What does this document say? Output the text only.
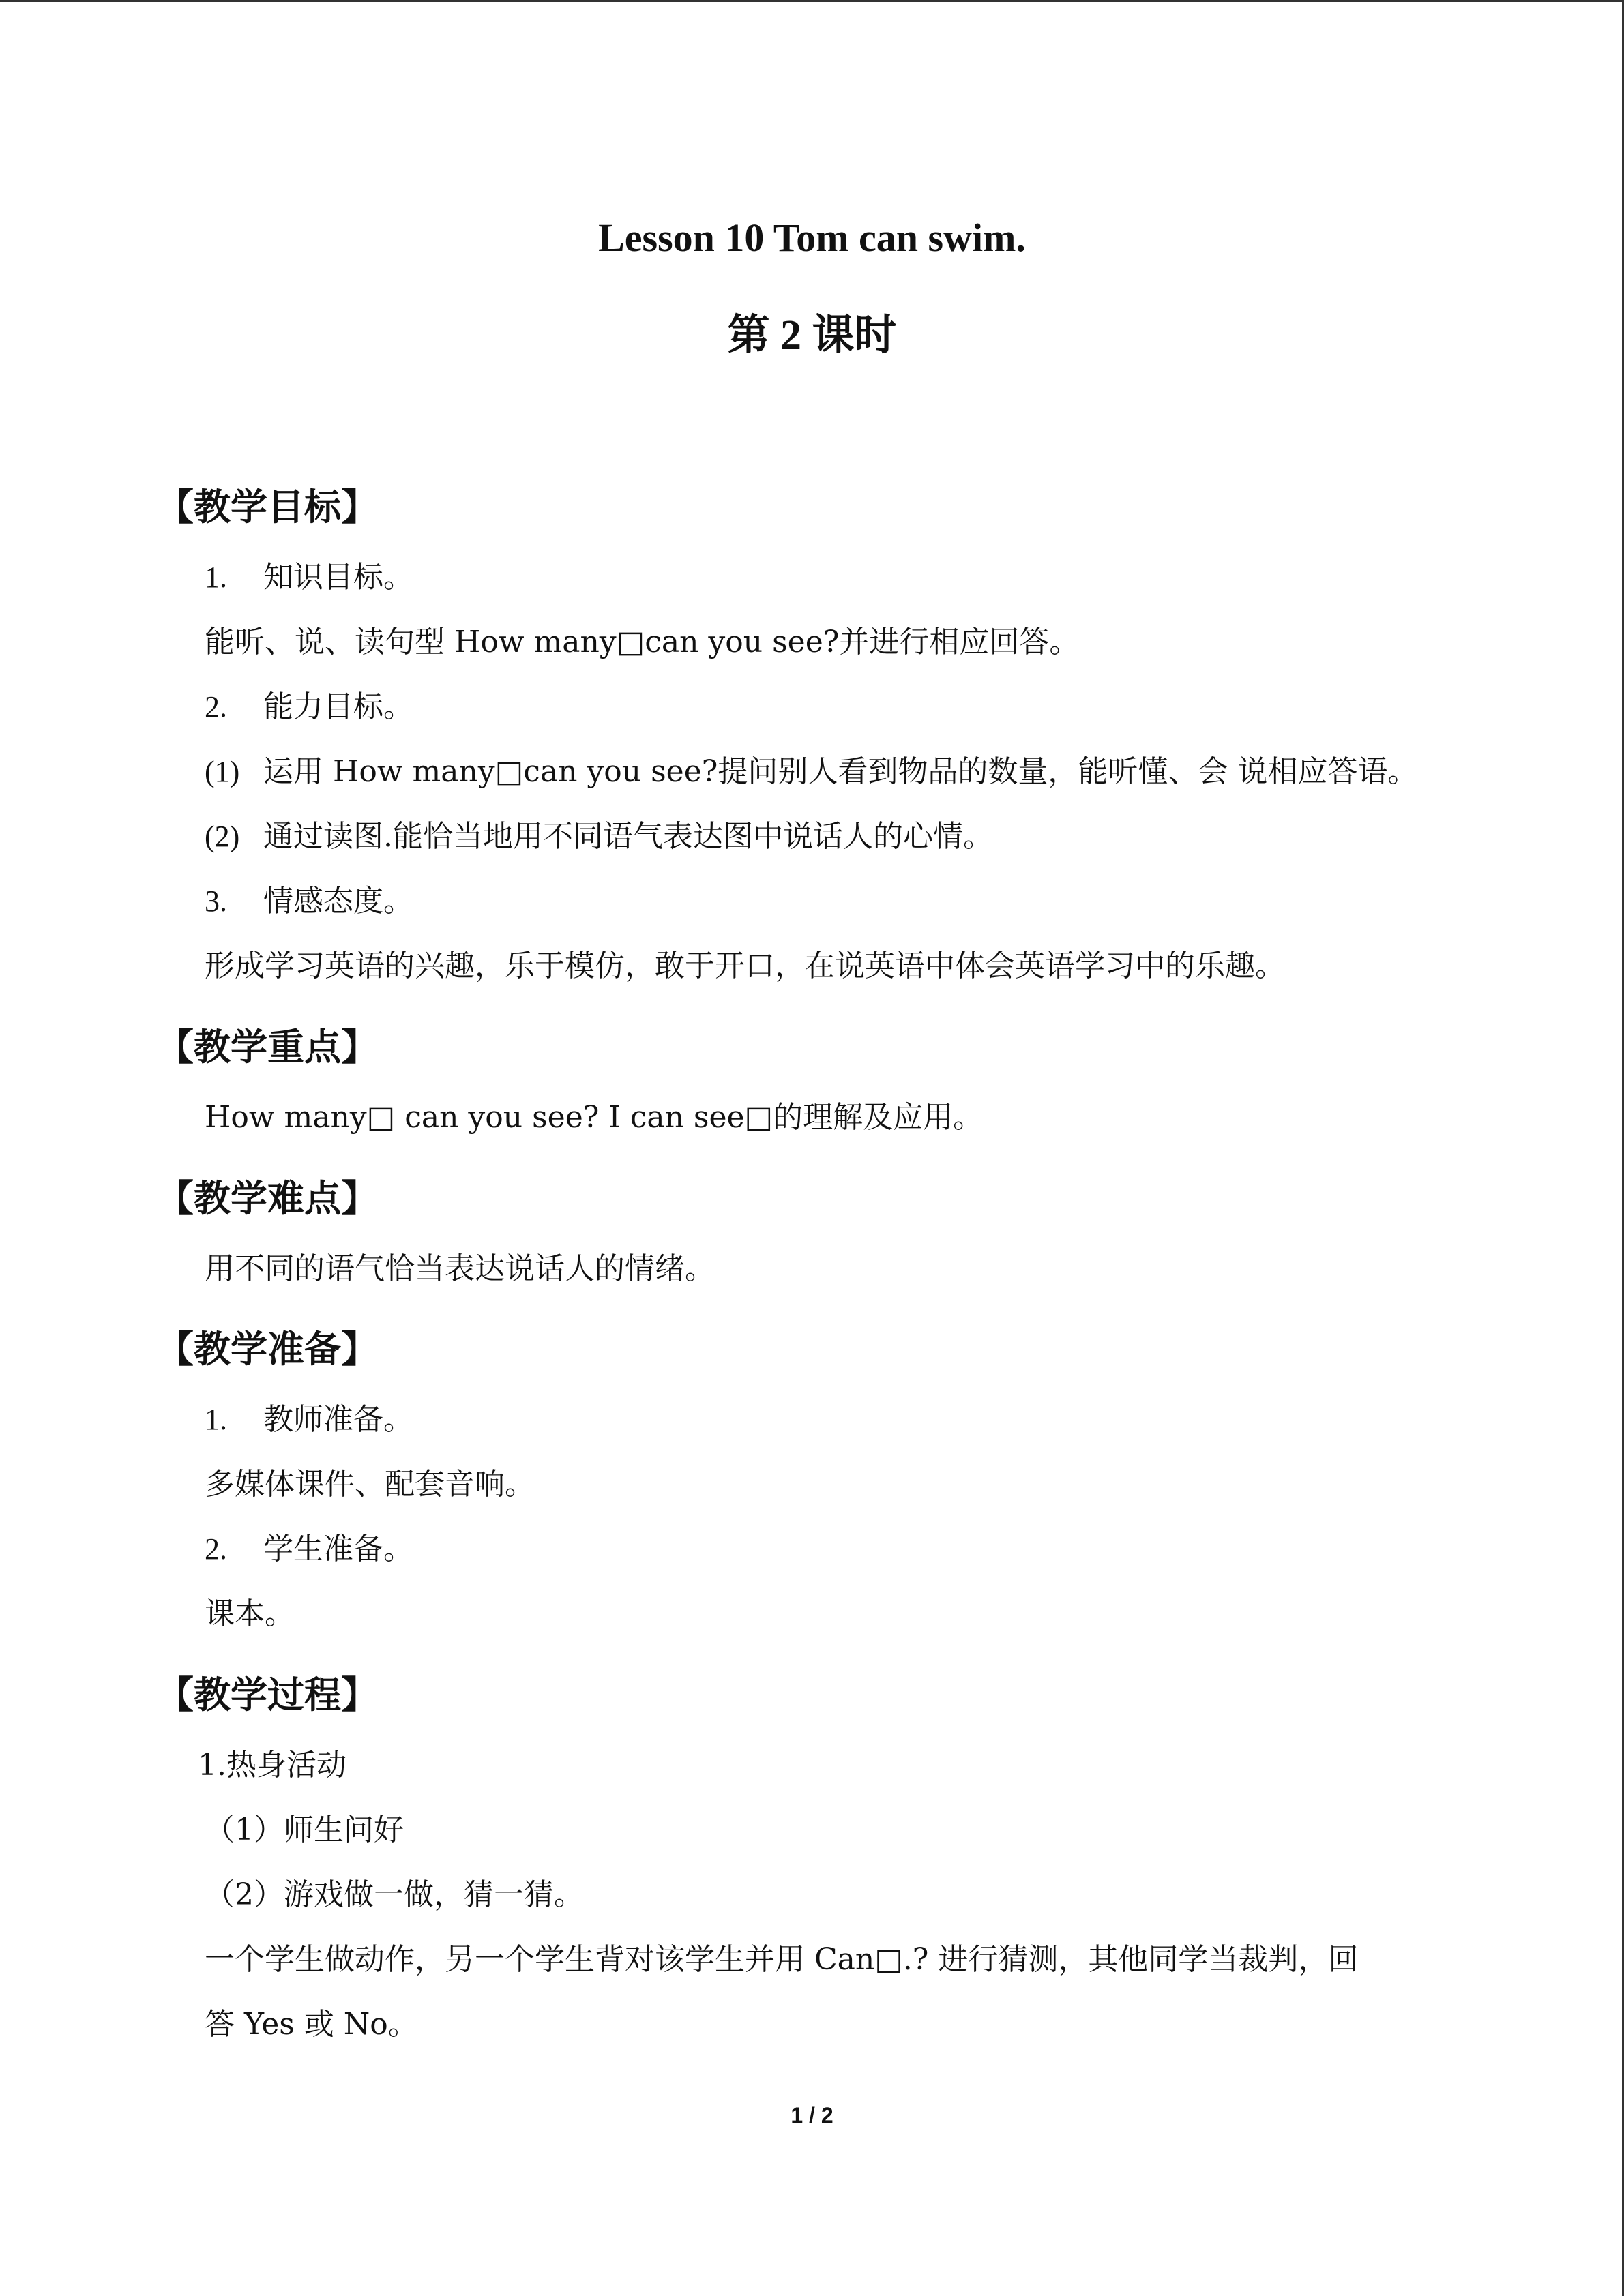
Lesson 10 Tom can swim.
第 2 课时
【教学目标】
1. 知识目标。
能听、说、读句型 How many□can you see?并进行相应回答。
2. 能力目标。
(1) 运用 How many□can you see?提问别人看到物品的数量，能听懂、会 说相应答语。
(2) 通过读图.能恰当地用不同语气表达图中说话人的心情。
3. 情感态度。
形成学习英语的兴趣，乐于模仿，敢于开口，在说英语中体会英语学习中的乐趣。
【教学重点】
How many□ can you see? I can see□的理解及应用。
【教学难点】
用不同的语气恰当表达说话人的情绪。
【教学准备】
1. 教师准备。
多媒体课件、配套音响。
2. 学生准备。
课本。
【教学过程】
1.热身活动
（1）师生问好
（2）游戏做一做，猜一猜。
一个学生做动作，另一个学生背对该学生并用 Can□.? 进行猜测，其他同学当裁判，回
答 Yes 或 No。
1 / 2
